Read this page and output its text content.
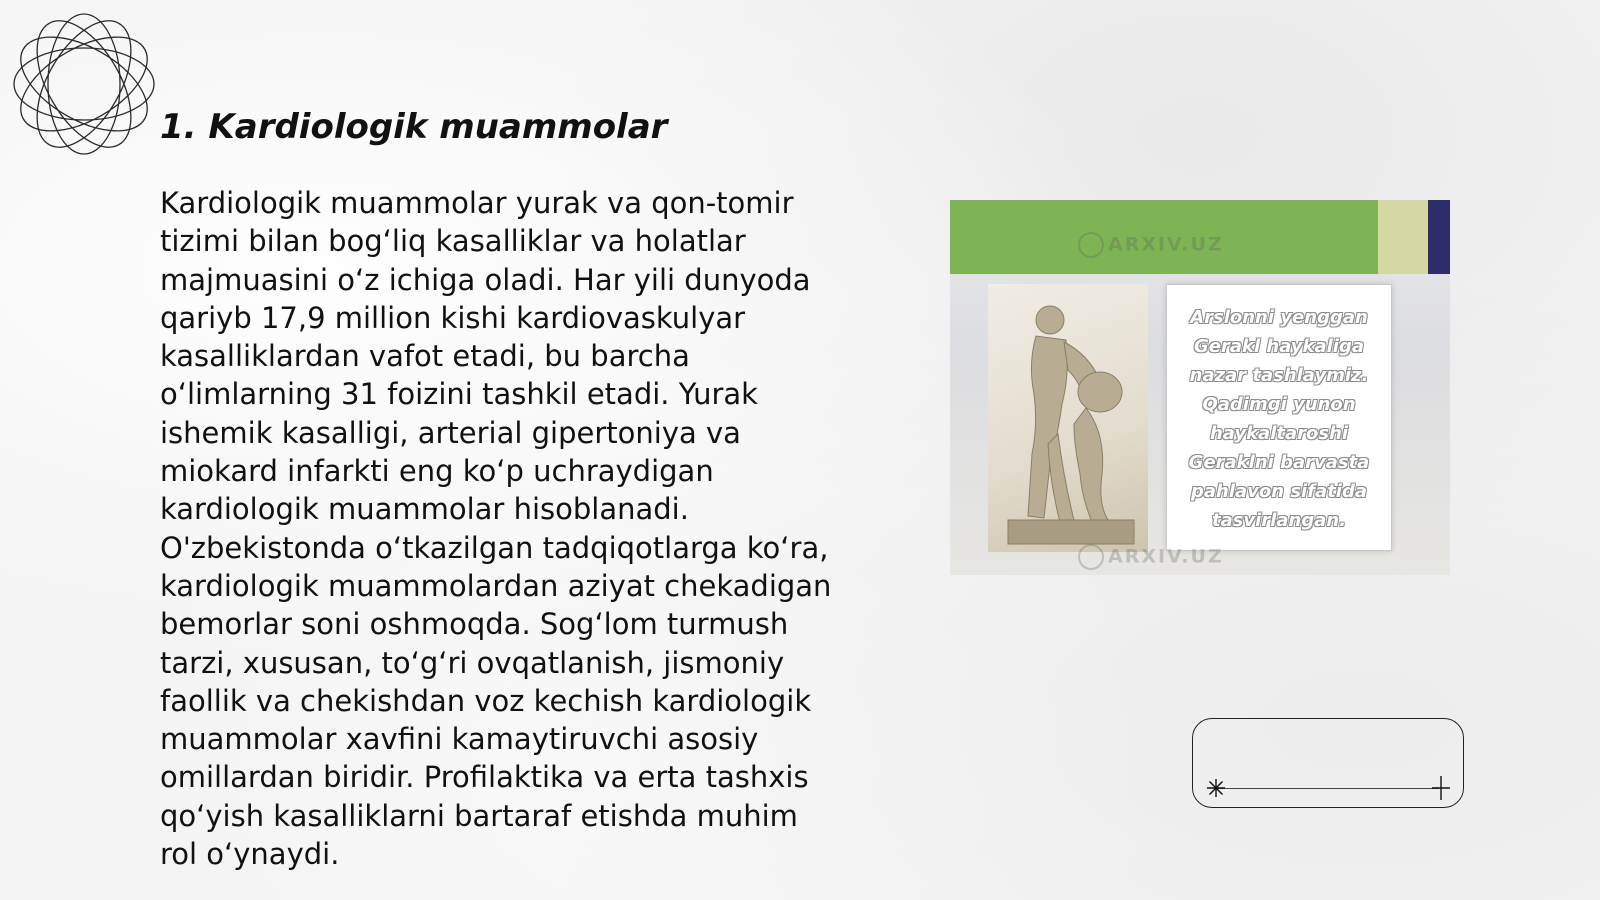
1. Kardiologik muammolar

Kardiologik muammolar yurak va qon-tomir tizimi bilan bog‘liq kasalliklar va holatlar majmuasini o‘z ichiga oladi. Har yili dunyoda qariyb 17,9 million kishi kardiovaskulyar kasalliklardan vafot etadi, bu barcha o‘limlarning 31 foizini tashkil etadi. Yurak ishemik kasalligi, arterial gipertoniya va miokard infarkti eng ko‘p uchraydigan kardiologik muammolar hisoblanadi. O'zbekistonda o‘tkazilgan tadqiqotlarga ko‘ra, kardiologik muammolardan aziyat chekadigan bemorlar soni oshmoqda. Sog‘lom turmush tarzi, xususan, to‘g‘ri ovqatlanish, jismoniy faollik va chekishdan voz kechish kardiologik muammolar xavfini kamaytiruvchi asosiy omillardan biridir. Profilaktika va erta tashxis qo‘yish kasalliklarni bartaraf etishda muhim rol o‘ynaydi.

ARXIV.UZ

Arslonni yenggan Gerakl haykaliga nazar tashlaymiz. Qadimgi yunon haykaltaroshi Geraklni barvasta pahlavon sifatida tasvirlangan.

ARXIV.UZ
